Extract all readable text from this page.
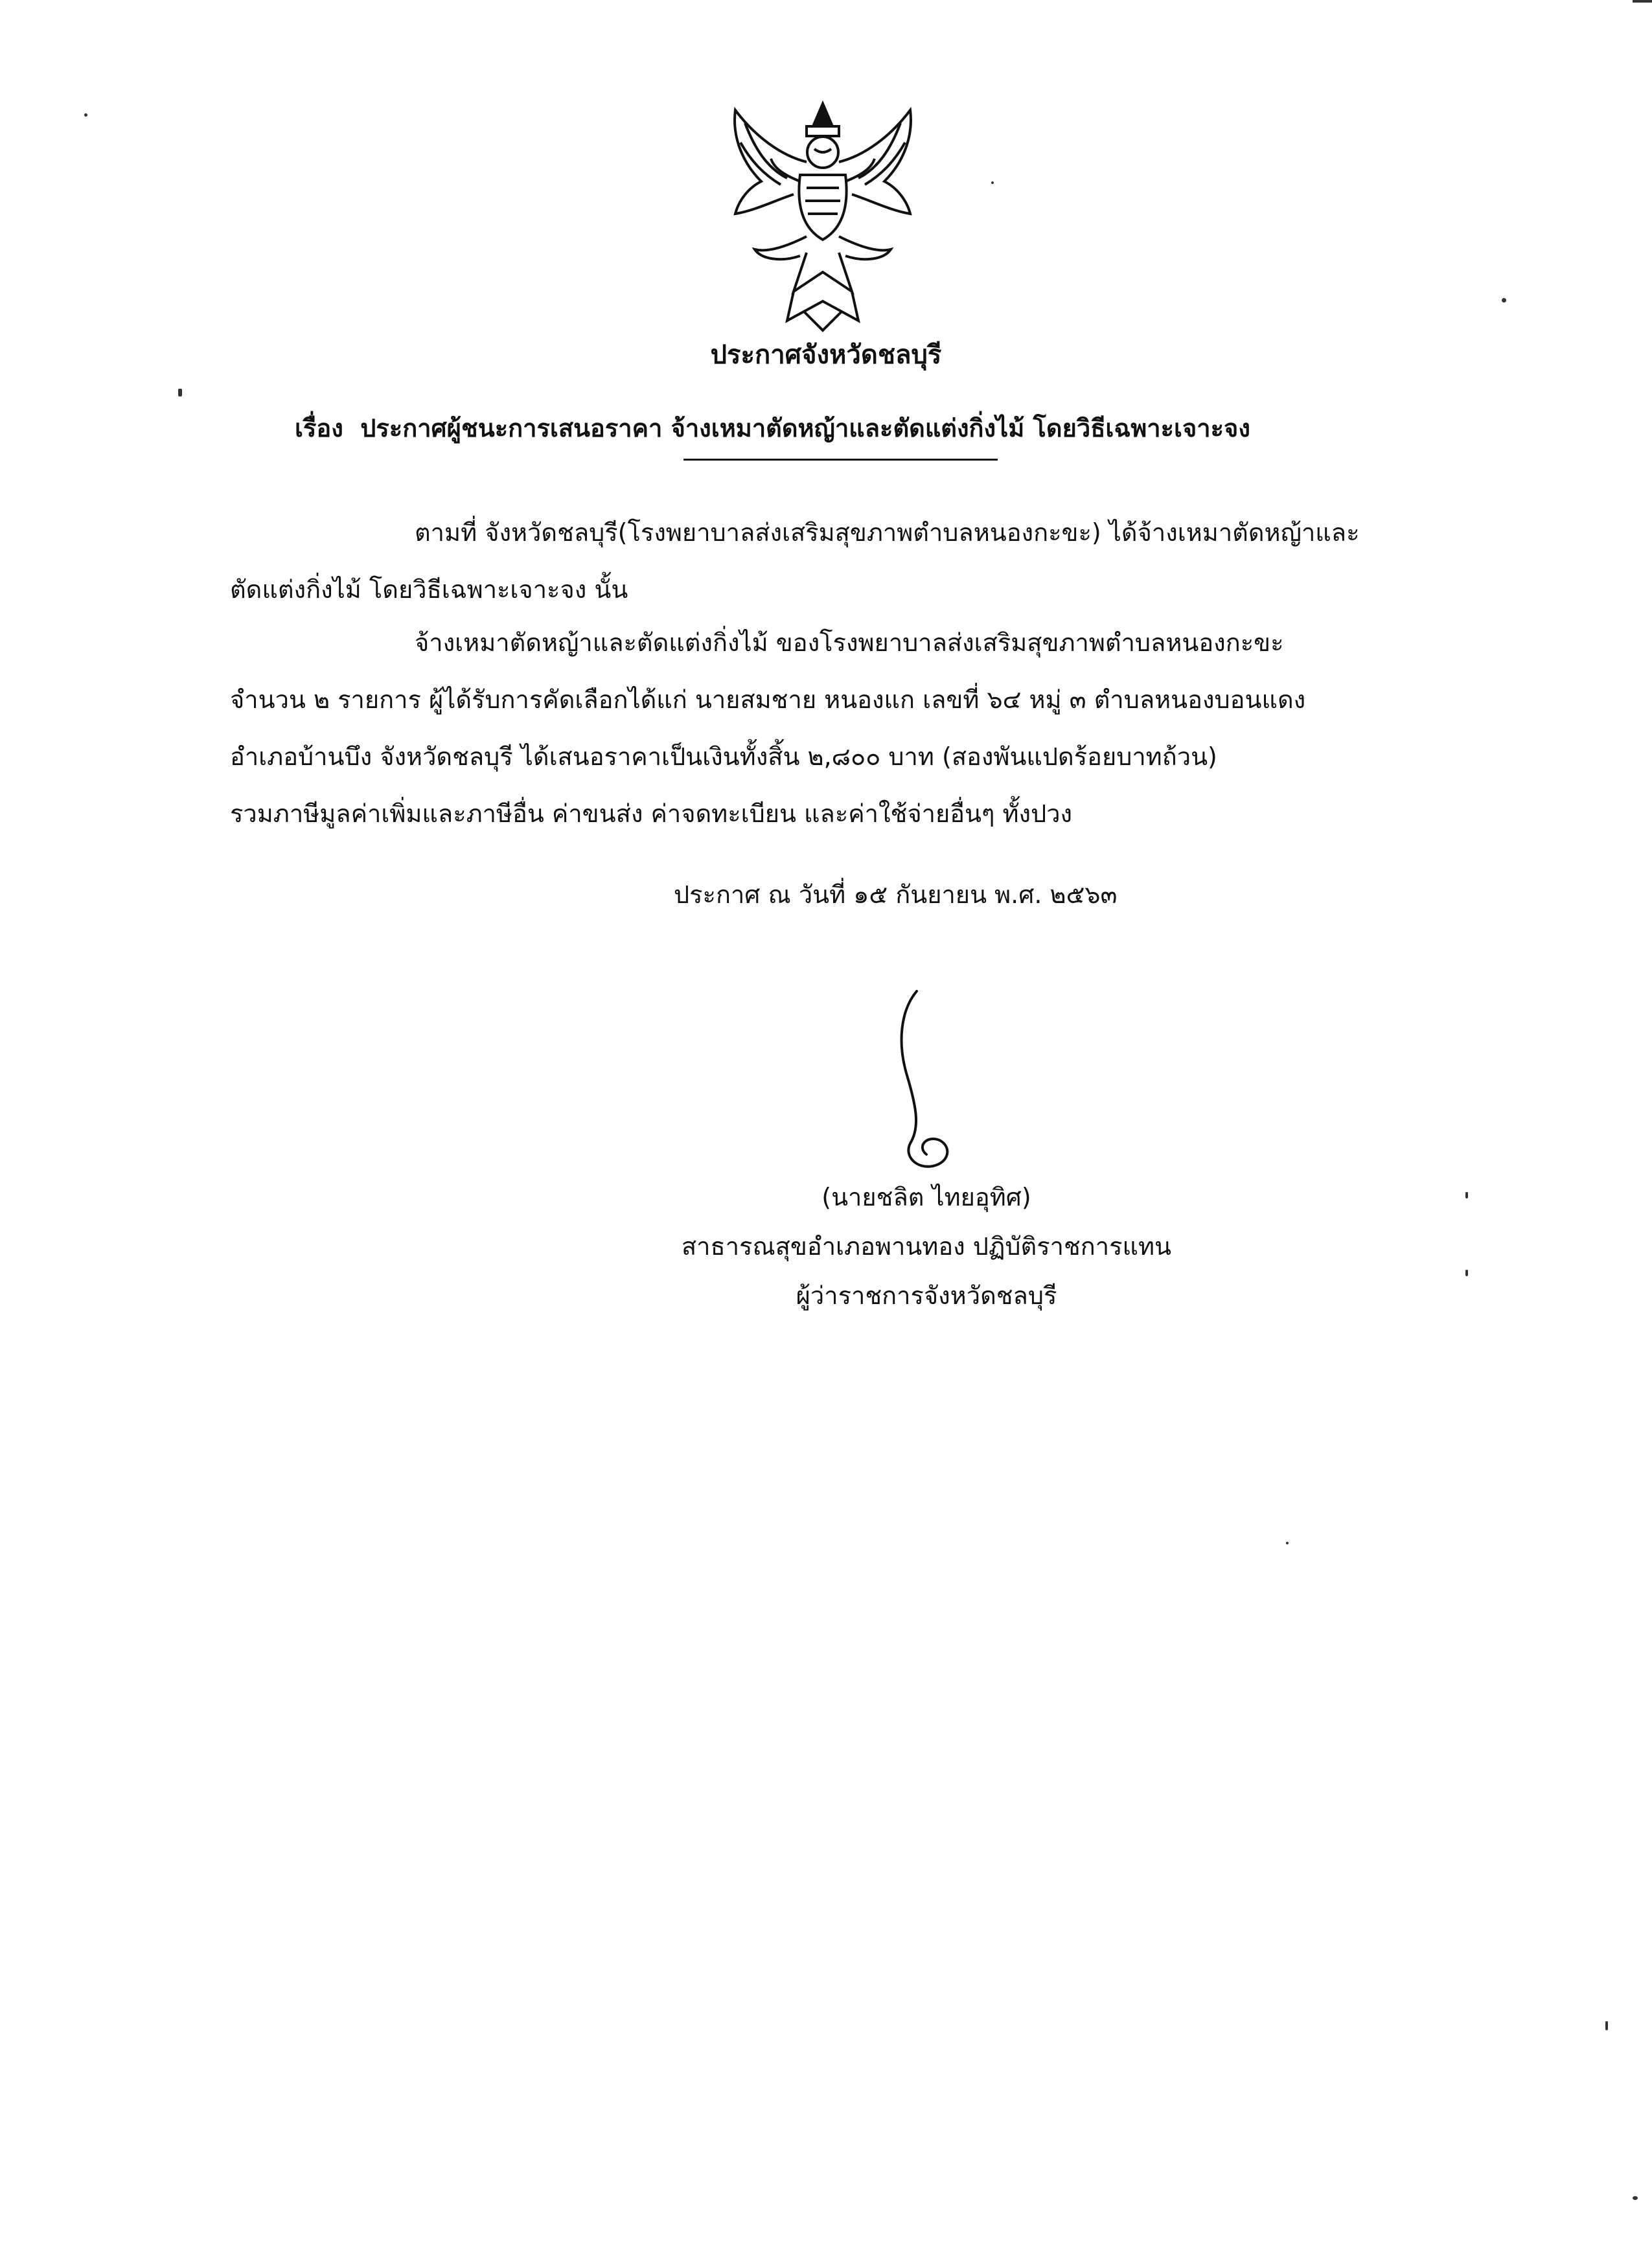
ประกาศจังหวัดชลบุรี
เรื่อง ประกาศผู้ชนะการเสนอราคา จ้างเหมาตัดหญ้าและตัดแต่งกิ่งไม้ โดยวิธีเฉพาะเจาะจง
ตามที่ จังหวัดชลบุรี(โรงพยาบาลส่งเสริมสุขภาพตำบลหนองกะขะ) ได้จ้างเหมาตัดหญ้าและ
ตัดแต่งกิ่งไม้ โดยวิธีเฉพาะเจาะจง นั้น
จ้างเหมาตัดหญ้าและตัดแต่งกิ่งไม้ ของโรงพยาบาลส่งเสริมสุขภาพตำบลหนองกะขะ
จำนวน ๒ รายการ ผู้ได้รับการคัดเลือกได้แก่ นายสมชาย หนองแก เลขที่ ๖๔ หมู่ ๓ ตำบลหนองบอนแดง
อำเภอบ้านบึง จังหวัดชลบุรี ได้เสนอราคาเป็นเงินทั้งสิ้น ๒,๘๐๐ บาท (สองพันแปดร้อยบาทถ้วน)
รวมภาษีมูลค่าเพิ่มและภาษีอื่น ค่าขนส่ง ค่าจดทะเบียน และค่าใช้จ่ายอื่นๆ ทั้งปวง
ประกาศ ณ วันที่ ๑๕ กันยายน พ.ศ. ๒๕๖๓
(นายชลิต ไทยอุทิศ)
สาธารณสุขอำเภอพานทอง ปฏิบัติราชการแทน
ผู้ว่าราชการจังหวัดชลบุรี
